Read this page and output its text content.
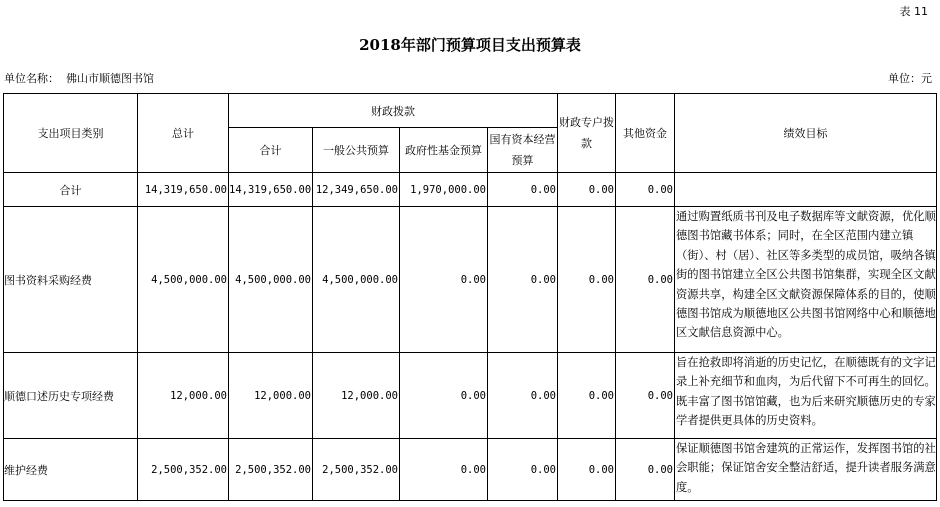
表 11
2018年部门预算项目支出预算表
单位名称： 佛山市顺德图书馆	单位：元
支出项目类别	总计	财政拨款				财政专户拨款	其他资金	绩效目标
		合计	一般公共预算	政府性基金预算	国有资本经营预算			
合计	14,319,650.00	14,319,650.00	12,349,650.00	1,970,000.00	0.00	0.00	0.00	
图书资料采购经费	4,500,000.00	4,500,000.00	4,500,000.00	0.00	0.00	0.00	0.00	通过购置纸质书刊及电子数据库等文献资源，优化顺德图书馆藏书体系；同时，在全区范围内建立镇（街）、村（居）、社区等多类型的成员馆，吸纳各镇街的图书馆建立全区公共图书馆集群，实现全区文献资源共享，构建全区文献资源保障体系的目的，使顺德图书馆成为顺德地区公共图书馆网络中心和顺德地区文献信息资源中心。
顺德口述历史专项经费	12,000.00	12,000.00	12,000.00	0.00	0.00	0.00	0.00	旨在抢救即将消逝的历史记忆，在顺德既有的文字记录上补充细节和血肉，为后代留下不可再生的回忆。既丰富了图书馆馆藏，也为后来研究顺德历史的专家学者提供更具体的历史资料。
维护经费	2,500,352.00	2,500,352.00	2,500,352.00	0.00	0.00	0.00	0.00	保证顺德图书馆舍建筑的正常运作，发挥图书馆的社会职能；保证馆舍安全整洁舒适，提升读者服务满意度。
